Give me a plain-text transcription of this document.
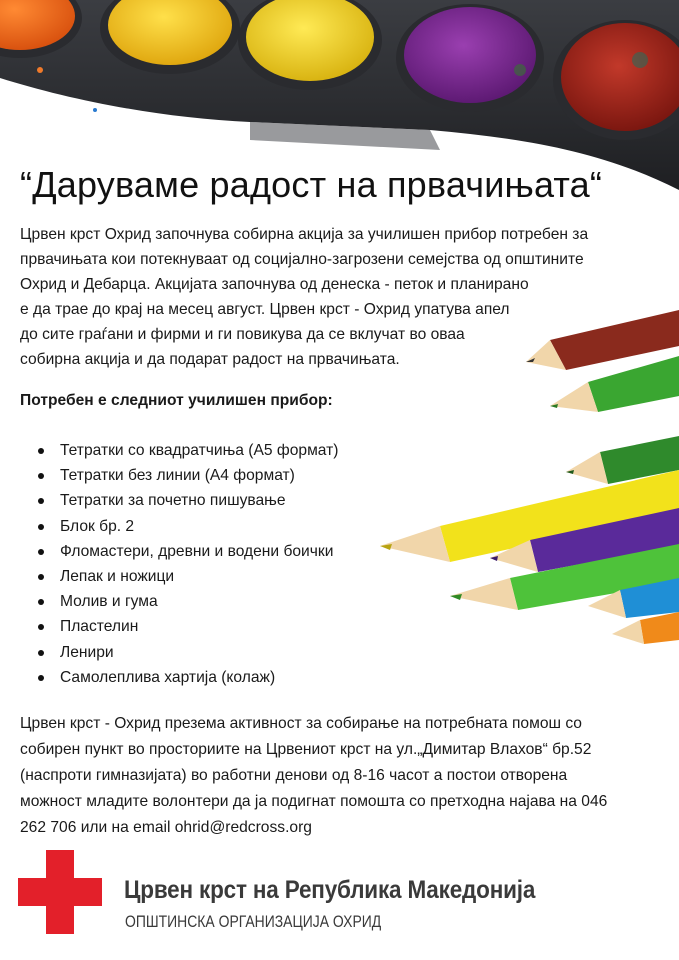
“Даруваме радост на првачињата“
Црвен крст Охрид започнува собирна акција за училишен прибор потребен за
првачињата кои потекнуваат од социјално-загрозени семејства од општините
Охрид и Дебарца. Акцијата започнува од денеска - петок и планирано
е да трае до крај на месец август. Црвен крст - Охрид упатува апел
до сите граѓани и фирми и ги повикува да се вклучат во оваа
собирна акција и да подарат радост на првачињата.
Потребен е следниот училишен прибор:
Тетратки со квадратчиња (А5 формат)
Тетратки без линии (А4 формат)
Тетратки за почетно пишување
Блок бр. 2
Фломастери, древни и водени боички
Лепак и ножици
Молив и гума
Пластелин
Ленири
Самолеплива хартија (колаж)
Црвен крст - Охрид презема активност за собирање на потребната помош со
собирен пункт во просториите на Црвениот крст на ул.„Димитар Влахов“ бр.52
(наспроти гимназијата) во работни денови од 8-16 часот а постои отворена
можност младите волонтери да ја подигнат помошта со претходна најава на 046
262 706 или на email ohrid@redcross.org
Црвен крст на Република Македонија
ОПШТИНСКА ОРГАНИЗАЦИЈА ОХРИД
